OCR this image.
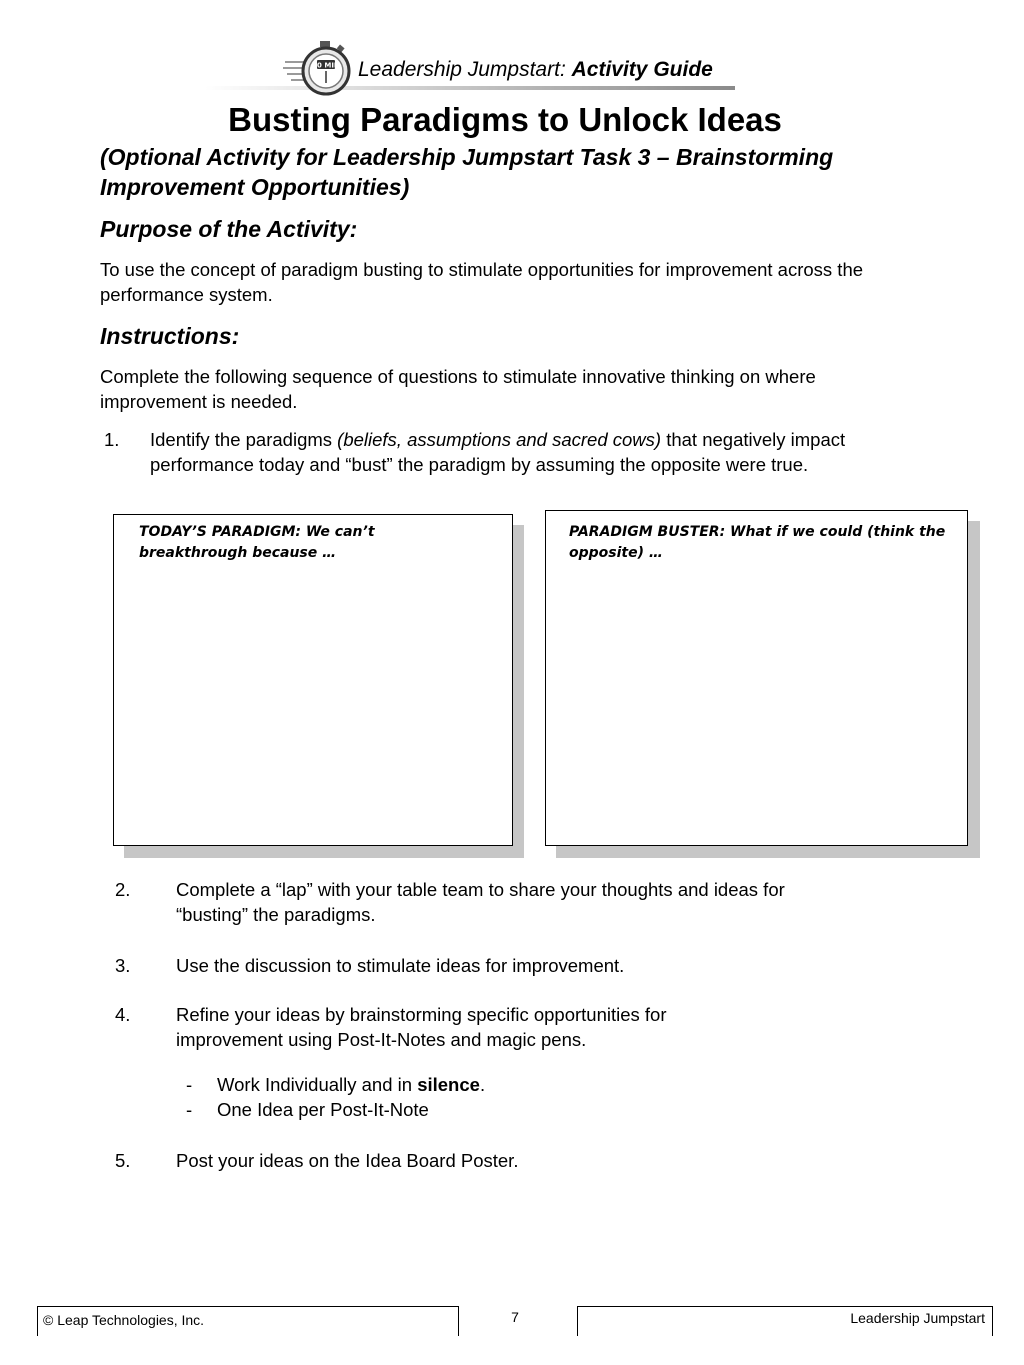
60 MIN Leadership Jumpstart: Activity Guide
Busting Paradigms to Unlock Ideas
(Optional Activity for Leadership Jumpstart Task 3 – Brainstorming Improvement Opportunities)
Purpose of the Activity:
To use the concept of paradigm busting to stimulate opportunities for improvement across the performance system.
Instructions:
Complete the following sequence of questions to stimulate innovative thinking on where improvement is needed.
1. Identify the paradigms (beliefs, assumptions and sacred cows) that negatively impact performance today and “bust” the paradigm by assuming the opposite were true.
TODAY’S PARADIGM: We can’t breakthrough because …
PARADIGM BUSTER: What if we could (think the opposite) …
2. Complete a “lap” with your table team to share your thoughts and ideas for “busting” the paradigms.
3. Use the discussion to stimulate ideas for improvement.
4. Refine your ideas by brainstorming specific opportunities for improvement using Post-It-Notes and magic pens.
- Work Individually and in silence.
- One Idea per Post-It-Note
5. Post your ideas on the Idea Board Poster.
© Leap Technologies, Inc.	7	Leadership Jumpstart
